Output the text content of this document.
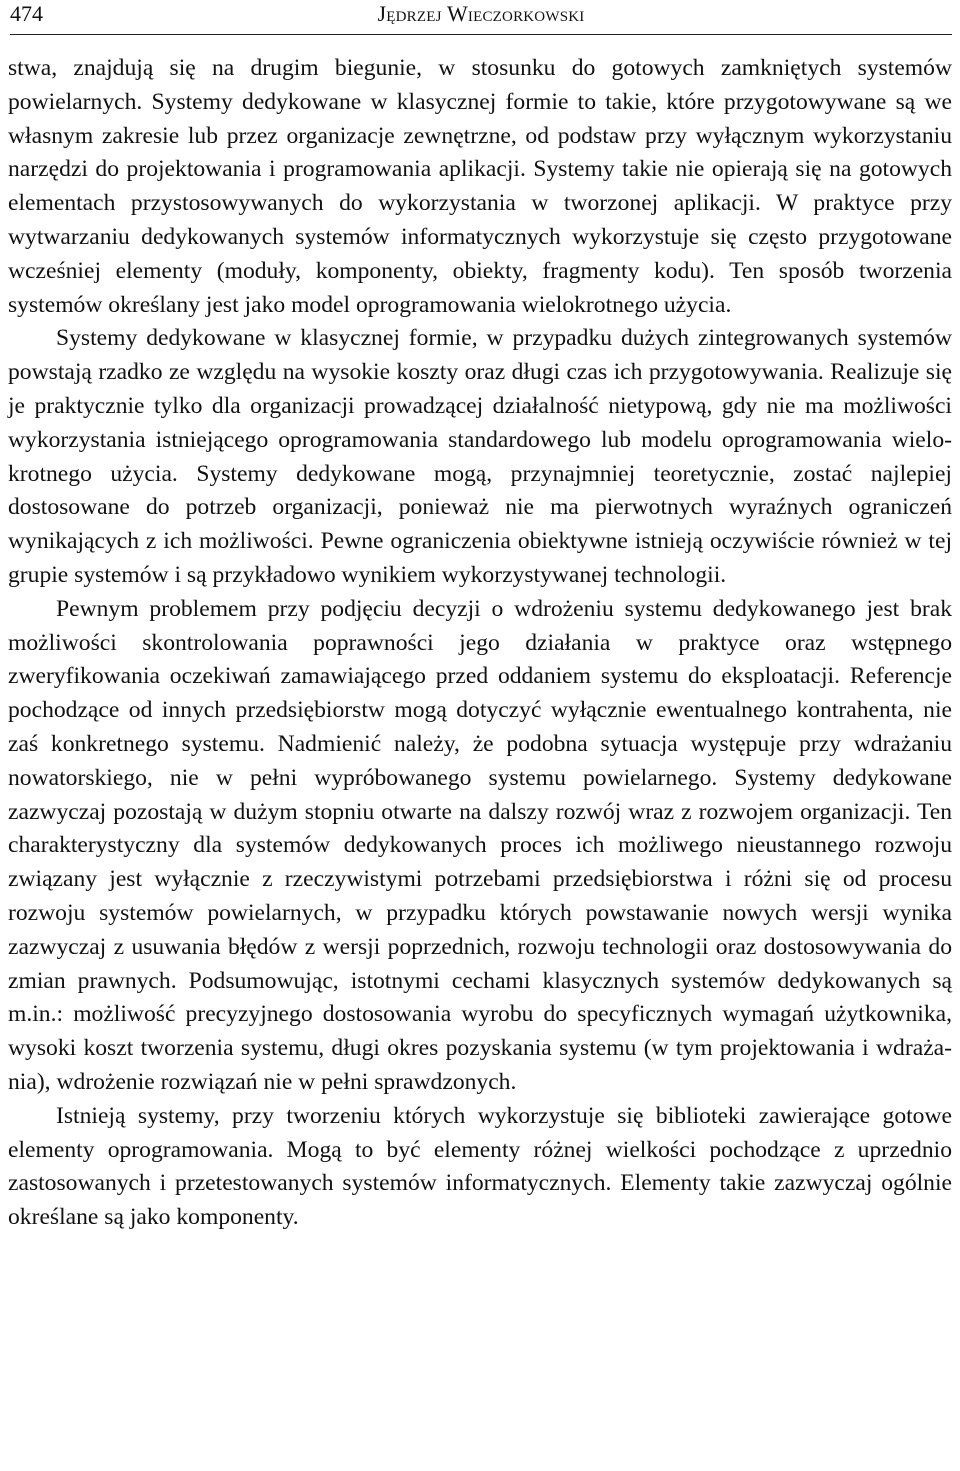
474	Jędrzej Wieczorkowski

stwa, znajdują się na drugim biegunie, w stosunku do gotowych zamkniętych systemów powielarnych. Systemy dedykowane w klasycznej formie to takie, które przygotowywane są we własnym zakresie lub przez organizacje zewnętrzne, od podstaw przy wyłącznym wykorzystaniu narzędzi do projektowania i programowania aplikacji. Systemy takie nie opierają się na gotowych elementach przystosowywanych do wykorzystania w tworzonej aplikacji. W praktyce przy wytwarzaniu dedykowanych systemów informatycznych wykorzystuje się często przygotowane wcześniej elementy (moduły, komponenty, obiekty, fragmenty kodu). Ten sposób tworzenia systemów określany jest jako model oprogramowania wielokrotnego użycia.

Systemy dedykowane w klasycznej formie, w przypadku dużych zintegrowanych systemów powstają rzadko ze względu na wysokie koszty oraz długi czas ich przygotowywania. Realizuje się je praktycznie tylko dla organizacji prowadzącej działalność nietypową, gdy nie ma możliwości wykorzystania istniejącego oprogramowania standardowego lub modelu oprogramowania wielokrotnego użycia. Systemy dedykowane mogą, przynajmniej teoretycznie, zostać najlepiej dostosowane do potrzeb organizacji, ponieważ nie ma pierwotnych wyraźnych ograniczeń wynikających z ich możliwości. Pewne ograniczenia obiektywne istnieją oczywiście również w tej grupie systemów i są przykładowo wynikiem wykorzystywanej technologii.

Pewnym problemem przy podjęciu decyzji o wdrożeniu systemu dedykowanego jest brak możliwości skontrolowania poprawności jego działania w praktyce oraz wstępnego zweryfikowania oczekiwań zamawiającego przed oddaniem systemu do eksploatacji. Referencje pochodzące od innych przedsiębiorstw mogą dotyczyć wyłącznie ewentualnego kontrahenta, nie zaś konkretnego systemu. Nadmienić należy, że podobna sytuacja występuje przy wdrażaniu nowatorskiego, nie w pełni wypróbowanego systemu powielarnego. Systemy dedykowane zazwyczaj pozostają w dużym stopniu otwarte na dalszy rozwój wraz z rozwojem organizacji. Ten charakterystyczny dla systemów dedykowanych proces ich możliwego nieustannego rozwoju związany jest wyłącznie z rzeczywistymi potrzebami przedsiębiorstwa i różni się od procesu rozwoju systemów powielarnych, w przypadku których powstawanie nowych wersji wynika zazwyczaj z usuwania błędów z wersji poprzednich, rozwoju technologii oraz dostosowywania do zmian prawnych. Podsumowując, istotnymi cechami klasycznych systemów dedykowanych są m.in.: możliwość precyzyjnego dostosowania wyrobu do specyficznych wymagań użytkownika, wysoki koszt tworzenia systemu, długi okres pozyskania systemu (w tym projektowania i wdrażania), wdrożenie rozwiązań nie w pełni sprawdzonych.

Istnieją systemy, przy tworzeniu których wykorzystuje się biblioteki zawierające gotowe elementy oprogramowania. Mogą to być elementy różnej wielkości pochodzące z uprzednio zastosowanych i przetestowanych systemów informatycznych. Elementy takie zazwyczaj ogólnie określane są jako komponenty.
